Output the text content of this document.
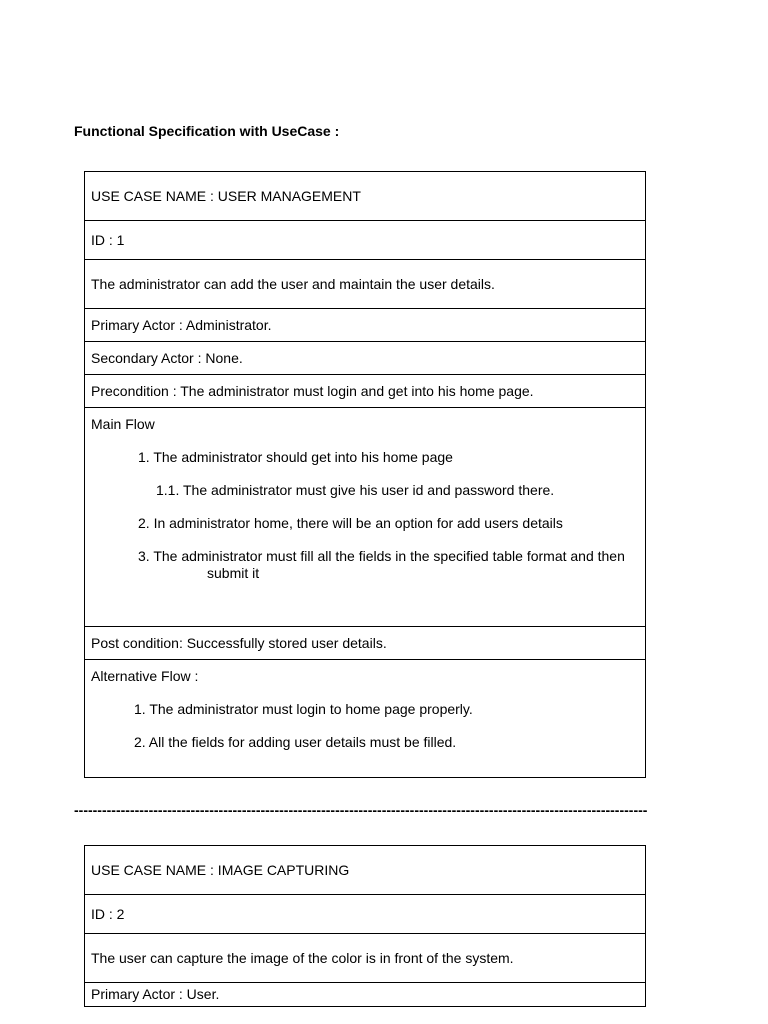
Functional Specification with UseCase :
USE CASE NAME : USER MANAGEMENT
ID : 1
The administrator can add the user and maintain the user details.
Primary Actor : Administrator.
Secondary Actor : None.
Precondition : The administrator must login and get into his home page.

Main Flow
1. The administrator should get into his home page
1.1. The administrator must give his user id and password there.
2. In administrator home, there will be an option for add users details
3. The administrator must fill all the fields in the specified table format and thensubmit it

Post condition: Successfully stored user details.

Alternative Flow :
1. The administrator must login to home page properly.
2. All the fields for adding user details must be filled.
---------------------------------------------------------------------------------------------------------------------------
USE CASE NAME : IMAGE CAPTURING
ID : 2
The user can capture the image of the color is in front of the system.
Primary Actor : User.
